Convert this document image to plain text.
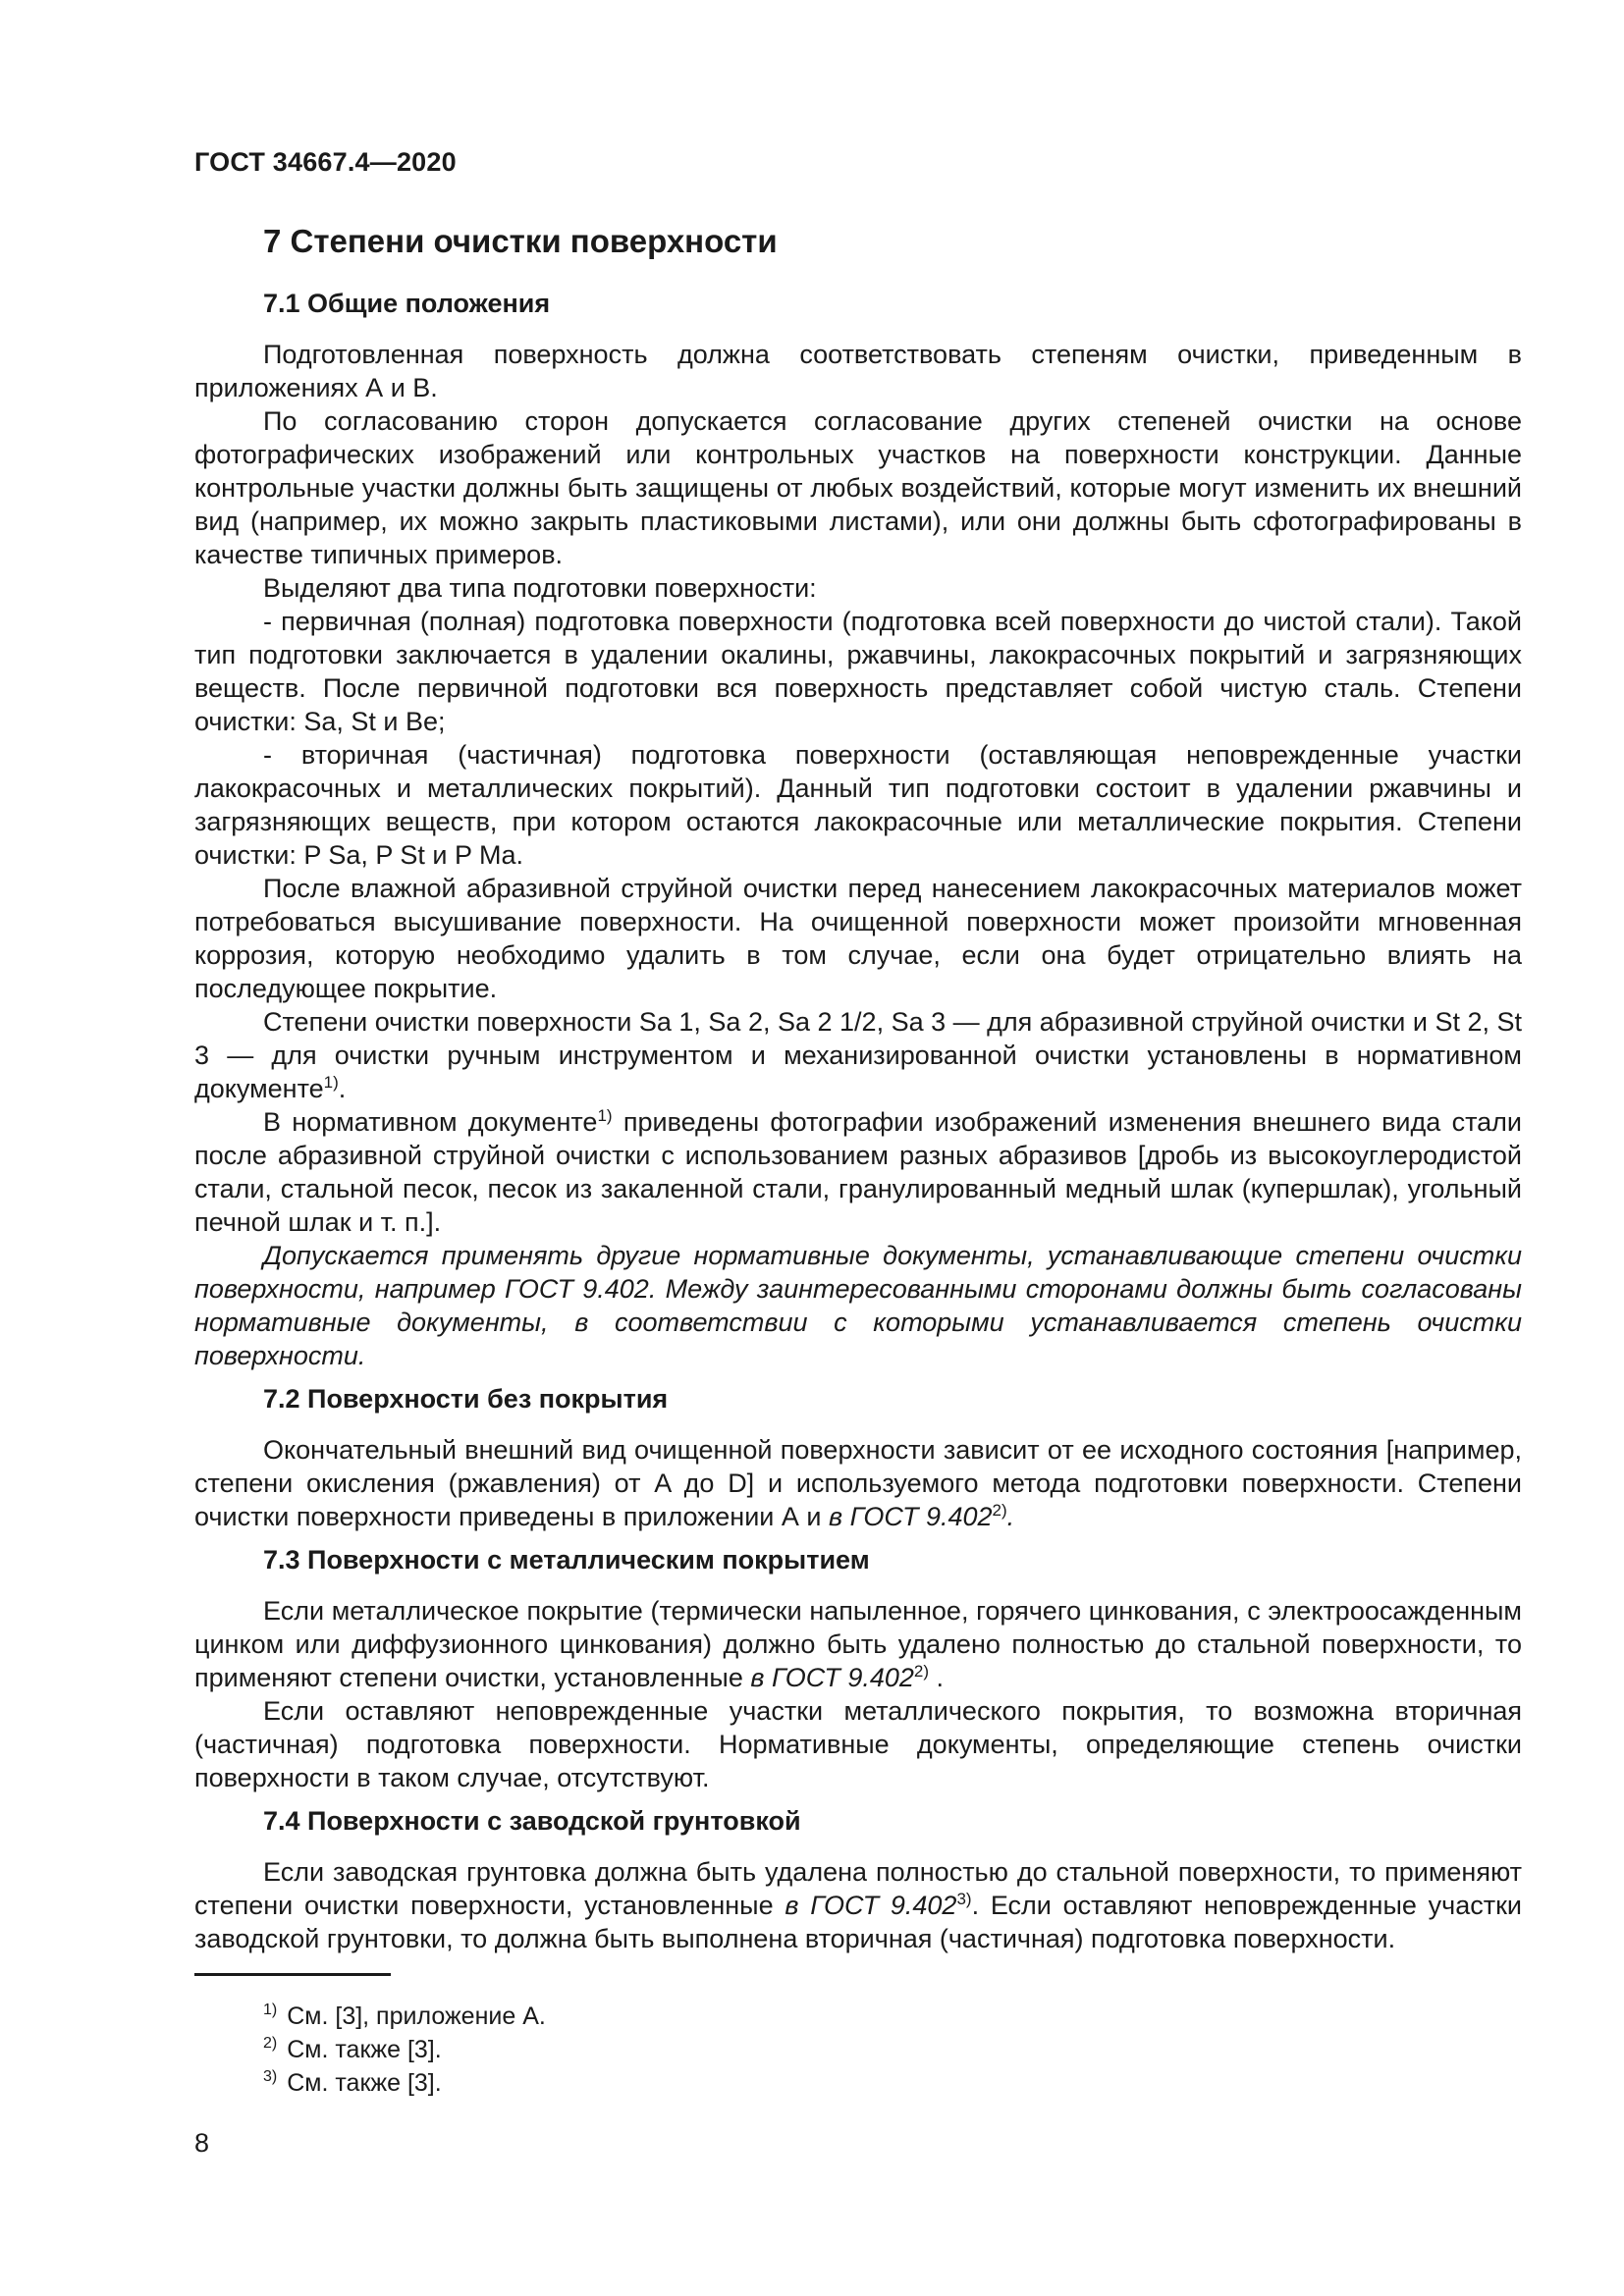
ГОСТ 34667.4—2020
7 Степени очистки поверхности
7.1 Общие положения

Подготовленная поверхность должна соответствовать степеням очистки, приведенным в приложениях А и В.

По согласованию сторон допускается согласование других степеней очистки на основе фотографических изображений или контрольных участков на поверхности конструкции. Данные контрольные участки должны быть защищены от любых воздействий, которые могут изменить их внешний вид (например, их можно закрыть пластиковыми листами), или они должны быть сфотографированы в качестве типичных примеров.

Выделяют два типа подготовки поверхности:

- первичная (полная) подготовка поверхности (подготовка всей поверхности до чистой стали). Такой тип подготовки заключается в удалении окалины, ржавчины, лакокрасочных покрытий и загрязняющих веществ. После первичной подготовки вся поверхность представляет собой чистую сталь. Степени очистки: Sa, St и Be;

- вторичная (частичная) подготовка поверхности (оставляющая неповрежденные участки лакокрасочных и металлических покрытий). Данный тип подготовки состоит в удалении ржавчины и загрязняющих веществ, при котором остаются лакокрасочные или металлические покрытия. Степени очистки: P Sa, P St и P Ma.

После влажной абразивной струйной очистки перед нанесением лакокрасочных материалов может потребоваться высушивание поверхности. На очищенной поверхности может произойти мгновенная коррозия, которую необходимо удалить в том случае, если она будет отрицательно влиять на последующее покрытие.

Степени очистки поверхности Sa 1, Sa 2, Sa 2 1/2, Sa 3 — для абразивной струйной очистки и St 2, St 3 — для очистки ручным инструментом и механизированной очистки установлены в нормативном документе$^{1)}$.

В нормативном документе$^{1)}$ приведены фотографии изображений изменения внешнего вида стали после абразивной струйной очистки с использованием разных абразивов [дробь из высокоуглеродистой стали, стальной песок, песок из закаленной стали, гранулированный медный шлак (купершлак), угольный печной шлак и т. п.].

Допускается применять другие нормативные документы, устанавливающие степени очистки поверхности, например ГОСТ 9.402. Между заинтересованными сторонами должны быть согласованы нормативные документы, в соответствии с которыми устанавливается степень очистки поверхности.

7.2 Поверхности без покрытия

Окончательный внешний вид очищенной поверхности зависит от ее исходного состояния [например, степени окисления (ржавления) от A до D] и используемого метода подготовки поверхности. Степени очистки поверхности приведены в приложении А и в ГОСТ 9.402$^{2)}$.

7.3 Поверхности с металлическим покрытием

Если металлическое покрытие (термически напыленное, горячего цинкования, с электроосажденным цинком или диффузионного цинкования) должно быть удалено полностью до стальной поверхности, то применяют степени очистки, установленные в ГОСТ 9.402$^{2)}$ .

Если оставляют неповрежденные участки металлического покрытия, то возможна вторичная (частичная) подготовка поверхности. Нормативные документы, определяющие степень очистки поверхности в таком случае, отсутствуют.

7.4 Поверхности с заводской грунтовкой

Если заводская грунтовка должна быть удалена полностью до стальной поверхности, то применяют степени очистки поверхности, установленные в ГОСТ 9.402$^{3)}$. Если оставляют неповрежденные участки заводской грунтовки, то должна быть выполнена вторичная (частичная) подготовка поверхности.

$^{1)}$ См. [3], приложение А.
$^{2)}$ См. также [3].
$^{3)}$ См. также [3].
8
